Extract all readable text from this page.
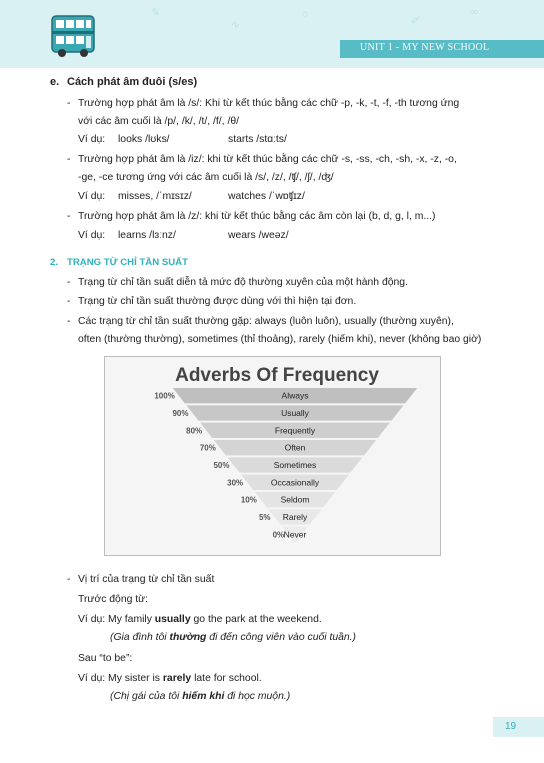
✎
∿
☼
✐
∞
UNIT 1 - MY NEW SCHOOL
e. Cách phát âm đuôi (s/es)
- Trường hợp phát âm là /s/: Khi từ kết thúc bằng các chữ -p, -k, -t, -f, -th tương ứng
với các âm cuối là /p/, /k/, /t/, /f/, /θ/
Ví dụ: looks /lʊks/	starts /stɑːts/
- Trường hợp phát âm là /iz/: khi từ kết thúc bằng các chữ -s, -ss, -ch, -sh, -x, -z, -o,
-ge, -ce tương ứng với các âm cuối là /s/, /z/, /ʧ/, /ʃ/, /ʤ/
Ví dụ: misses, /ˈmɪsɪz/	watches /ˈwɒʧɪz/
- Trường hợp phát âm là /z/: khi từ kết thúc bằng các âm còn lại (b, d, g, l, m...)
Ví dụ: learns /lɜːnz/	wears /weəz/
2. TRẠNG TỪ CHỈ TẦN SUẤT
- Trạng từ chỉ tần suất diễn tả mức độ thường xuyên của một hành động.
- Trạng từ chỉ tần suất thường được dùng với thì hiện tại đơn.
- Các trạng từ chỉ tần suất thường gặp: always (luôn luôn), usually (thường xuyên),
often (thường thường), sometimes (thỉ thoảng), rarely (hiếm khi), never (không bao giờ)
Adverbs Of Frequency
Always
100%
Usually
90%
Frequently
80%
Often
70%
Sometimes
50%
Occasionally
30%
Seldom
10%
Rarely
5%
Never
0%
- Vị trí của trạng từ chỉ tần suất
Trước động từ:
Ví dụ: My family usually go the park at the weekend.
(Gia đình tôi thường đi đến công viên vào cuối tuần.)
Sau “to be”:
Ví dụ: My sister is rarely late for school.
(Chị gái của tôi hiếm khi đi học muộn.)
19
